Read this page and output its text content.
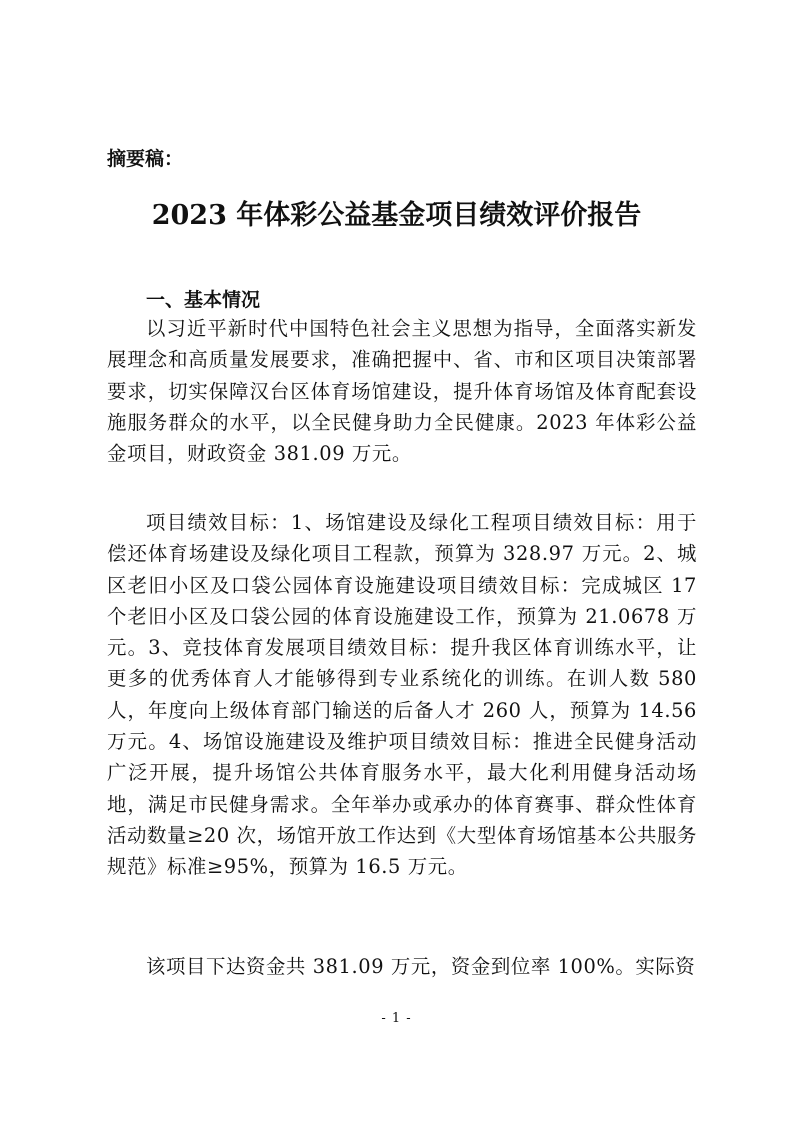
摘要稿：
2023 年体彩公益基金项目绩效评价报告
一、基本情况
以习近平新时代中国特色社会主义思想为指导，全面落实新发展理念和高质量发展要求，准确把握中、省、市和区项目决策部署要求，切实保障汉台区体育场馆建设，提升体育场馆及体育配套设施服务群众的水平，以全民健身助力全民健康。2023 年体彩公益金项目，财政资金 381.09 万元。
项目绩效目标：1、场馆建设及绿化工程项目绩效目标：用于偿还体育场建设及绿化项目工程款，预算为 328.97 万元。2、城区老旧小区及口袋公园体育设施建设项目绩效目标：完成城区 17 个老旧小区及口袋公园的体育设施建设工作，预算为 21.0678 万元。3、竞技体育发展项目绩效目标：提升我区体育训练水平，让更多的优秀体育人才能够得到专业系统化的训练。在训人数 580 人，年度向上级体育部门输送的后备人才 260 人，预算为 14.56 万元。4、场馆设施建设及维护项目绩效目标：推进全民健身活动广泛开展，提升场馆公共体育服务水平，最大化利用健身活动场地，满足市民健身需求。全年举办或承办的体育赛事、群众性体育活动数量≥20 次，场馆开放工作达到《大型体育场馆基本公共服务规范》标准≥95%，预算为 16.5 万元。
该项目下达资金共 381.09 万元，资金到位率 100%。实际资
- 1 -
